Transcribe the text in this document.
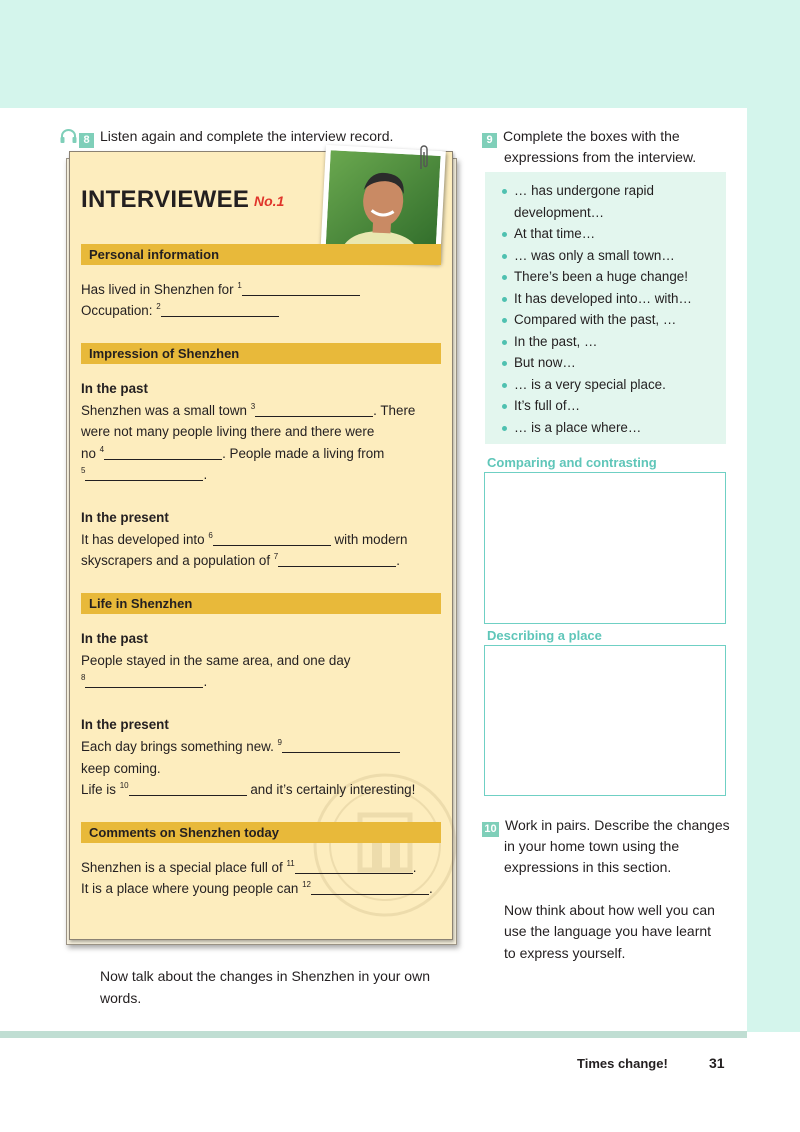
8 Listen again and complete the interview record.
INTERVIEWEE No.1
Personal information
Has lived in Shenzhen for $^1$
Occupation: $^2$
Impression of Shenzhen
In the past
Shenzhen was a small town $^3$	. There
were not many people living there and there were
no $^4$	. People made a living from
$^5$	.
In the present
It has developed into $^6$	with modern
skyscrapers and a population of $^7$	.
Life in Shenzhen
In the past
People stayed in the same area, and one day
$^8$	.
In the present
Each day brings something new. $^9$
keep coming.
Life is $^{10}$	and it’s certainly interesting!
Comments on Shenzhen today
Shenzhen is a special place full of $^{11}$	.
It is a place where young people can $^{12}$	.
Now talk about the changes in Shenzhen in your own words.
9 Complete the boxes with the
expressions from the interview.
… has undergone rapid development…
At that time…
… was only a small town…
There’s been a huge change!
It has developed into… with…
Compared with the past, …
In the past, …
But now…
… is a very special place.
It’s full of…
… is a place where…
Comparing and contrasting
Describing a place
10 Work in pairs. Describe the changes
in your home town using the
expressions in this section.
Now think about how well you can
use the language you have learnt
to express yourself.
Times change!	31
